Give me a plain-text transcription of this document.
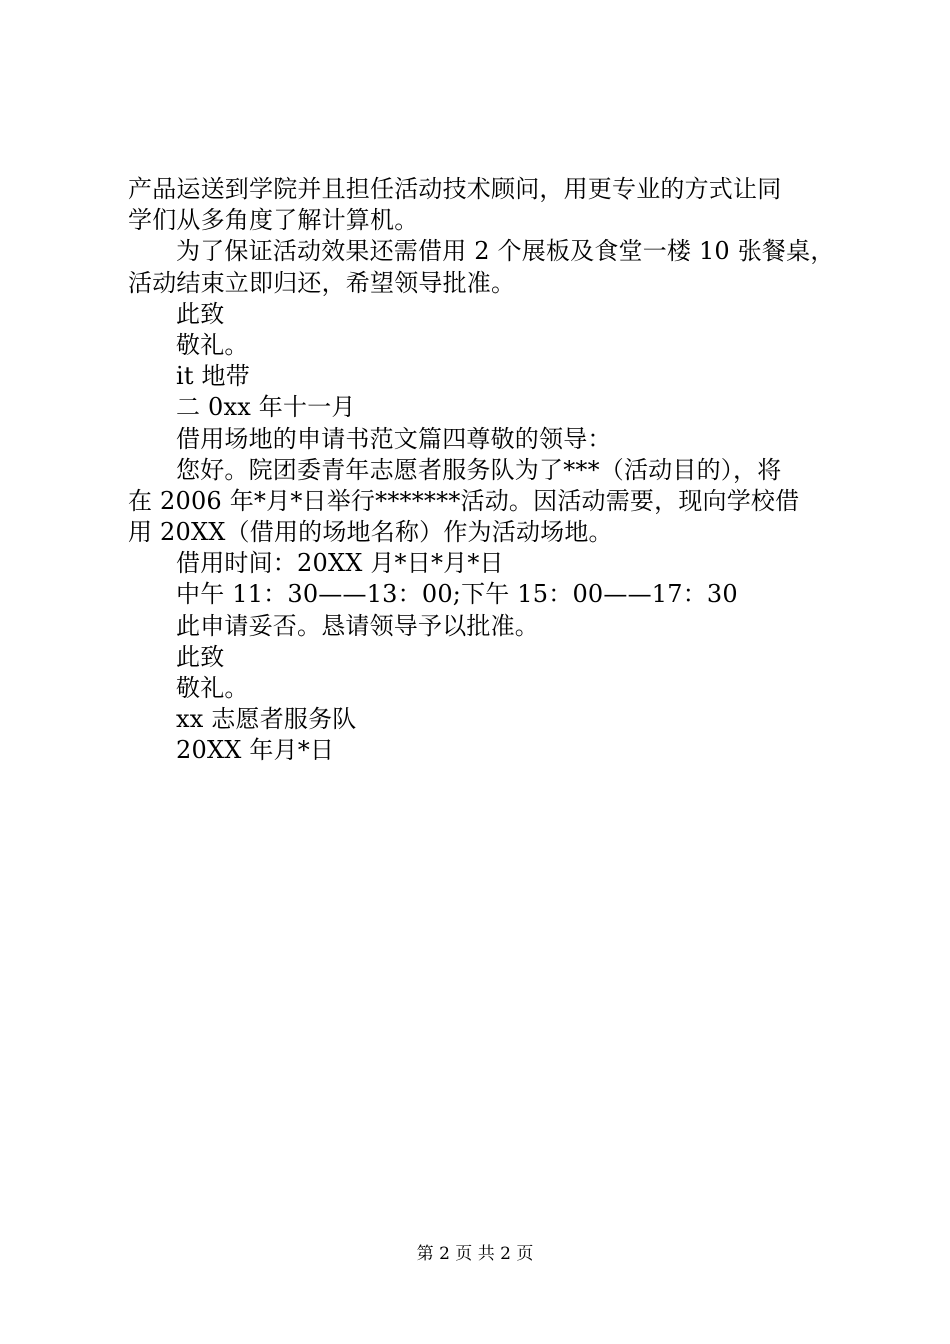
产品运送到学院并且担任活动技术顾问，用更专业的方式让同
学们从多角度了解计算机。
为了保证活动效果还需借用 2 个展板及食堂一楼 10 张餐桌，
活动结束立即归还，希望领导批准。
此致
敬礼。
it 地带
二 0xx 年十一月
借用场地的申请书范文篇四尊敬的领导：
您好。院团委青年志愿者服务队为了***（活动目的），将
在 2006 年*月*日举行*******活动。因活动需要，现向学校借
用 20XX（借用的场地名称）作为活动场地。
借用时间：20XX 月*日*月*日
中午 11：30——13：00;下午 15：00——17：30
此申请妥否。恳请领导予以批准。
此致
敬礼。
xx 志愿者服务队
20XX 年月*日
第 2 页 共 2 页
